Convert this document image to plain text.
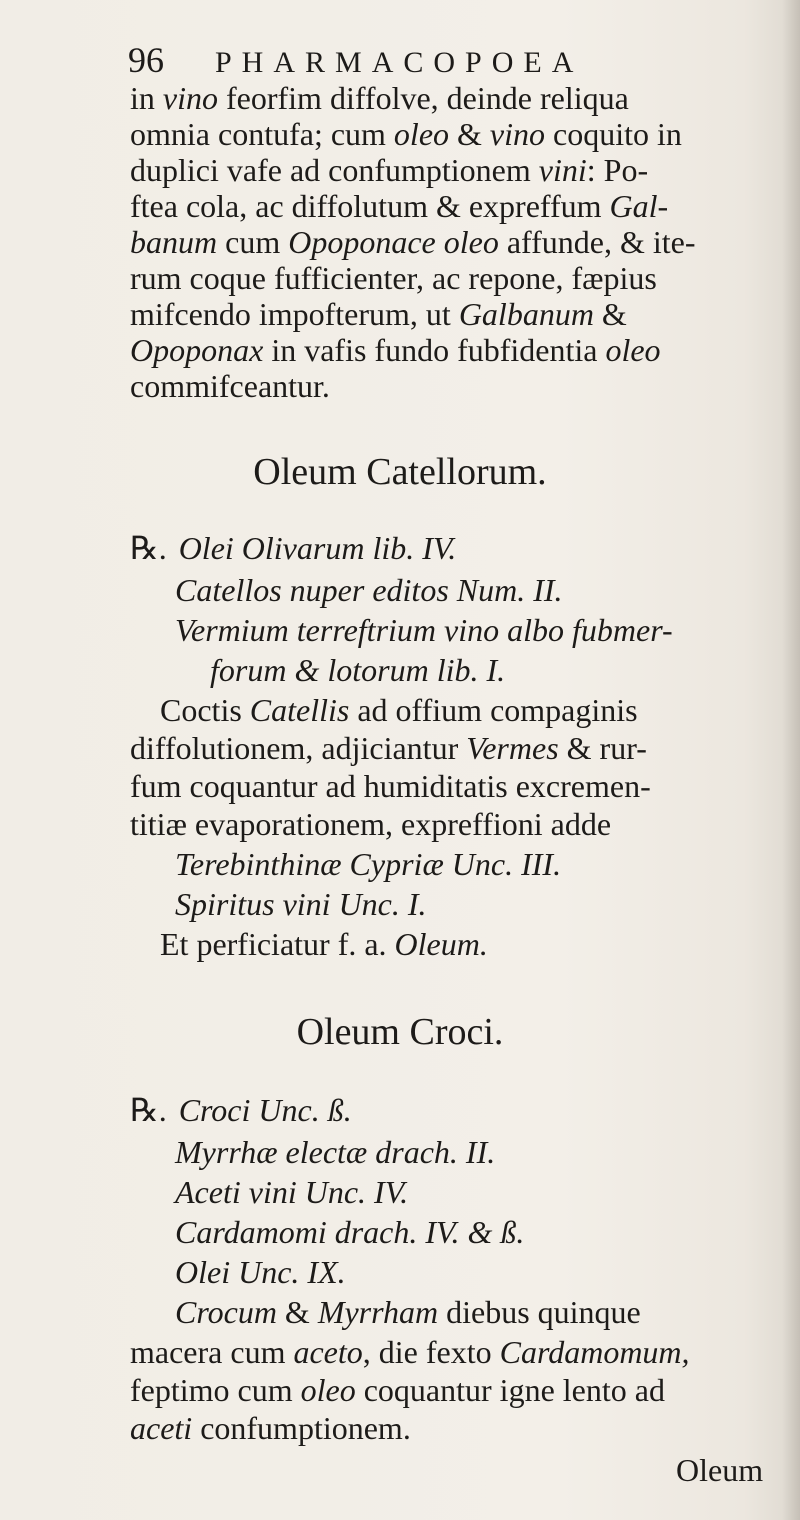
96 PHARMACOPOEA
in vino feorfim diffolve, deinde reliqua
omnia contufa; cum oleo & vino coquito in
duplici vafe ad confumptionem vini: Po-
ftea cola, ac diffolutum & expreffum Gal-
banum cum Opoponace oleo affunde, & ite-
rum coque fufficienter, ac repone, fæpius
mifcendo impofterum, ut Galbanum &
Opoponax in vafis fundo fubfidentia oleo
commifceantur.
Oleum Catellorum.
℞. Olei Olivarum lib. IV.
Catellos nuper editos Num. II.
Vermium terreftrium vino albo fubmer-
forum & lotorum lib. I.
Coctis Catellis ad offium compaginis
diffolutionem, adjiciantur Vermes & rur-
fum coquantur ad humiditatis excremen-
titiæ evaporationem, expreffioni adde
Terebinthinæ Cypriæ Unc. III.
Spiritus vini Unc. I.
Et perficiatur f. a. Oleum.
Oleum Croci.
℞. Croci Unc. ß.
Myrrhæ electæ drach. II.
Aceti vini Unc. IV.
Cardamomi drach. IV. & ß.
Olei Unc. IX.
Crocum & Myrrham diebus quinque
macera cum aceto, die fexto Cardamomum,
feptimo cum oleo coquantur igne lento ad
aceti confumptionem.
Oleum
